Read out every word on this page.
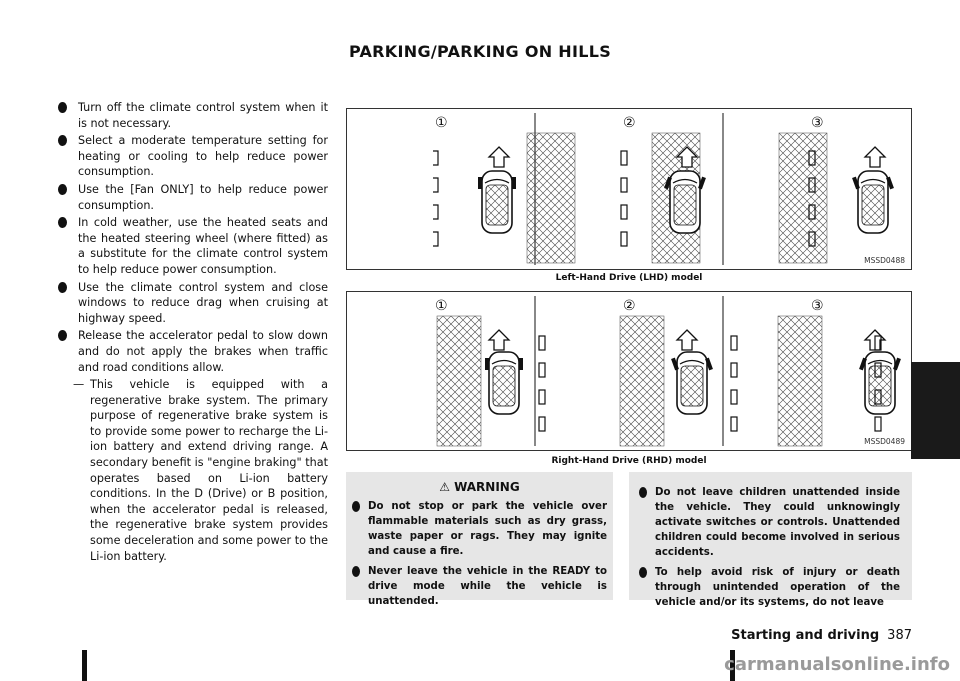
PARKING/PARKING ON HILLS
Turn off the climate control system when it is not necessary.
Select a moderate temperature setting for heating or cooling to help reduce power consumption.
Use the [Fan ONLY] to help reduce power consumption.
In cold weather, use the heated seats and the heated steering wheel (where fitted) as a substitute for the climate control system to help reduce power consumption.
Use the climate control system and close windows to reduce drag when cruising at highway speed.
Release the accelerator pedal to slow down and do not apply the brakes when traffic and road conditions allow.
— This vehicle is equipped with a regenerative brake system. The primary purpose of regenerative brake system is to provide some power to recharge the Li-ion battery and extend driving range. A secondary benefit is "engine braking" that operates based on Li-ion battery conditions. In the D (Drive) or B position, when the accelerator pedal is released, the regenerative brake system provides some deceleration and some power to the Li-ion battery.
①	②	③
MSSD0488
Left-Hand Drive (LHD) model
①	②	③
MSSD0489
Right-Hand Drive (RHD) model
⚠ WARNING
Do not stop or park the vehicle over flammable materials such as dry grass, waste paper or rags. They may ignite and cause a fire.
Never leave the vehicle in the READY to drive mode while the vehicle is unattended.
Do not leave children unattended inside the vehicle. They could unknowingly activate switches or controls. Unattended children could become involved in serious accidents.
To help avoid risk of injury or death through unintended operation of the vehicle and/or its systems, do not leave
Starting and driving 387
carmanualsonline.info
